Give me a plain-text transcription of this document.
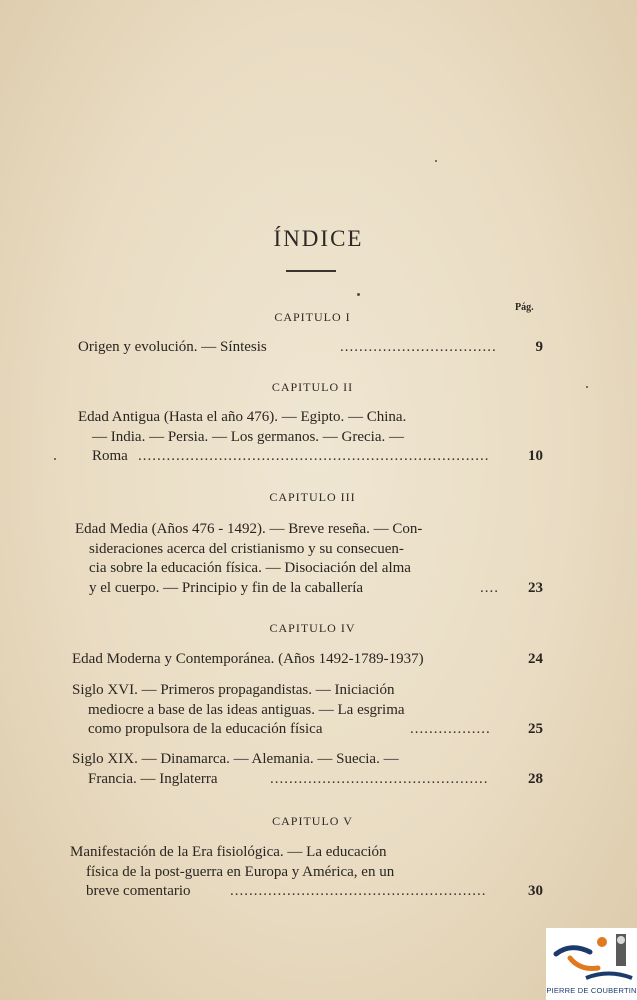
ÍNDICE
Pág.
CAPITULO I
Origen y evolución. — Síntesis	.................................	9
CAPITULO II
Edad Antigua (Hasta el año 476). — Egipto. — China.
— India. — Persia. — Los germanos. — Grecia. —
Roma ..........................................................................	10
CAPITULO III
Edad Media (Años 476 - 1492). — Breve reseña. — Con-
sideraciones acerca del cristianismo y su consecuen-
cia sobre la educación física. — Disociación del alma
y el cuerpo. — Principio y fin de la caballería	....	23
CAPITULO IV
Edad Moderna y Contemporánea. (Años 1492-1789-1937)	24
Siglo XVI. — Primeros propagandistas. — Iniciación
mediocre a base de las ideas antiguas. — La esgrima
como propulsora de la educación física	.................	25
Siglo XIX. — Dinamarca. — Alemania. — Suecia. —
Francia. — Inglaterra	..............................................	28
CAPITULO V
Manifestación de la Era fisiológica. — La educación
física de la post-guerra en Europa y América, en un
breve comentario	......................................................	30
PIERRE DE COUBERTIN
